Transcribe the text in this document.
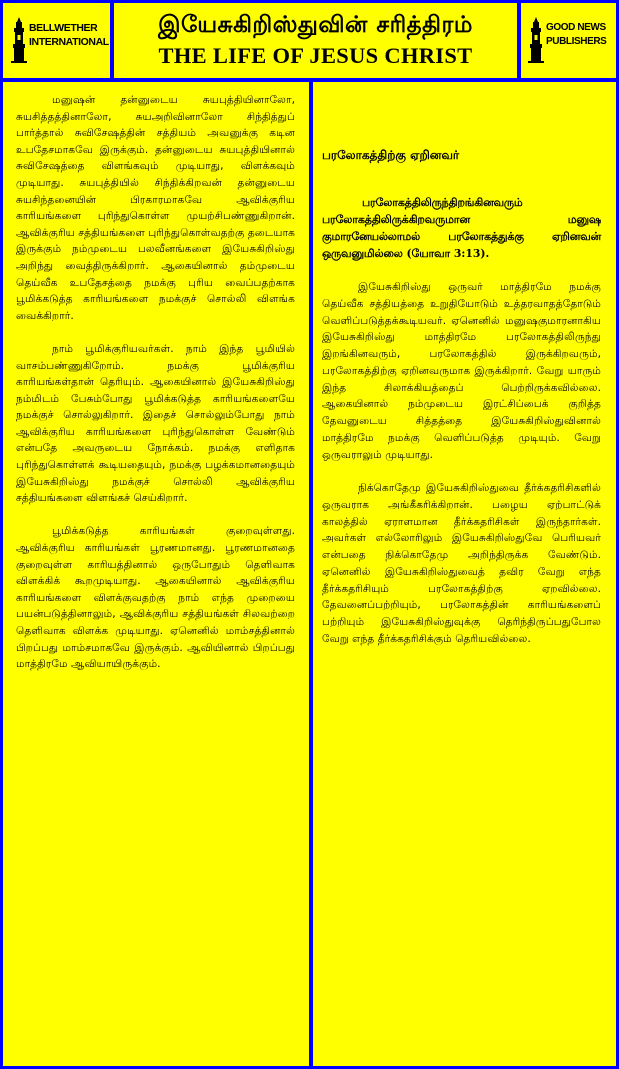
BELLWETHER
INTERNATIONAL
இயேசுகிறிஸ்துவின் சரித்திரம்
THE LIFE OF JESUS CHRIST
GOOD NEWS
PUBLISHERS

மனுஷன் தன்னுடைய சுயபுத்தியினாலோ, சுயசித்தத்தினாலோ, சுயஅறிவினாலோ சிந்தித்துப் பார்த்தால் சுவிசேஷத்தின் சத்தியம் அவனுக்கு கடின உபதேசமாகவே இருக்கும். தன்னுடைய சுயபுத்தியினால் சுவிசேஷத்தை விளங்கவும் முடியாது, விளக்கவும் முடியாது. சுயபுத்தியில் சிந்திக்கிறவன் தன்னுடைய சுயசிந்தனையின் பிரகாரமாகவே ஆவிக்குரிய காரியங்களை புரிந்துகொள்ள முயற்சிபண்ணுகிறான். ஆவிக்குரிய சத்தியங்களை புரிந்துகொள்வதற்கு தடையாக இருக்கும் நம்முடைய பலவீனங்களை இயேசுகிறிஸ்து அறிந்து வைத்திருக்கிறார். ஆகையினால் தம்முடைய தெய்வீக உபதேசத்தை நமக்கு புரிய வைப்பதற்காக பூமிக்கடுத்த காரியங்களை நமக்குச் சொல்லி விளங்க வைக்கிறார்.

நாம் பூமிக்குரியவர்கள். நாம் இந்த பூமியில் வாசம்பண்ணுகிறோம். நமக்கு பூமிக்குரிய காரியங்கள்தான் தெரியும். ஆகையினால் இயேசுகிறிஸ்து நம்மிடம் பேசும்போது பூமிக்கடுத்த காரியங்களையே நமக்குச் சொல்லுகிறார். இதைச் சொல்லும்போது நாம் ஆவிக்குரிய காரியங்களை புரிந்துகொள்ள வேண்டும் என்பதே அவருடைய நோக்கம். நமக்கு எளிதாக புரிந்துகொள்ளக் கூடியதையும், நமக்கு பழக்கமானதையும் இயேசுகிறிஸ்து நமக்குச் சொல்லி ஆவிக்குரிய சத்தியங்களை விளங்கச் செய்கிறார்.

பூமிக்கடுத்த காரியங்கள் குறைவுள்ளது. ஆவிக்குரிய காரியங்கள் பூரணமானது. பூரணமானதை குறைவுள்ள காரியத்தினால் ஒருபோதும் தெளிவாக விளக்கிக் கூறமுடியாது. ஆகையினால் ஆவிக்குரிய காரியங்களை விளக்குவதற்கு நாம் எந்த முறையை பயன்படுத்தினாலும், ஆவிக்குரிய சத்தியங்கள் சிலவற்றை தெளிவாக விளக்க முடியாது. ஏனெனில் மாம்சத்தினால் பிறப்பது மாம்சமாகவே இருக்கும். ஆவியினால் பிறப்பது மாத்திரமே ஆவியாயிருக்கும்.

பரலோகத்திற்கு ஏறினவர்

பரலோகத்திலிருந்திறங்கினவரும் பரலோகத்திலிருக்கிறவருமான மனுஷ குமாரனேயல்லாமல் பரலோகத்துக்கு ஏறினவன் ஒருவனுமில்லை (யோவா 3:13).

இயேசுகிறிஸ்து ஒருவர் மாத்திரமே நமக்கு தெய்வீக சத்தியத்தை உறுதியோடும் உத்தரவாதத்தோடும் வெளிப்படுத்தக்கூடியவர். ஏனெனில் மனுஷகுமாரனாகிய இயேசுகிறிஸ்து மாத்திரமே பரலோகத்திலிருந்து இறங்கினவரும், பரலோகத்தில் இருக்கிறவரும், பரலோகத்திற்கு ஏறினவருமாக இருக்கிறார். வேறு யாரும் இந்த சிலாக்கியத்தைப் பெற்றிருக்கவில்லை. ஆகையினால் நம்முடைய இரட்சிப்பைக் குறித்த தேவனுடைய சித்தத்தை இயேசுகிறிஸ்துவினால் மாத்திரமே நமக்கு வெளிப்படுத்த முடியும். வேறு ஒருவராலும் முடியாது.

நிக்கொதேமு இயேசுகிறிஸ்துவை தீர்க்கதரிசிகளில் ஒருவராக அங்கீகரிக்கிறான். பழைய ஏற்பாட்டுக் காலத்தில் ஏராளமான தீர்க்கதரிசிகள் இருந்தார்கள். அவர்கள் எல்லோரிலும் இயேசுகிறிஸ்துவே பெரியவர் என்பதை நிக்கொதேமு அறிந்திருக்க வேண்டும். ஏனெனில் இயேசுகிறிஸ்துவைத் தவிர வேறு எந்த தீர்க்கதரிசியும் பரலோகத்திற்கு ஏறவில்லை. தேவனைப்பற்றியும், பரலோகத்தின் காரியங்களைப் பற்றியும் இயேசுகிறிஸ்துவுக்கு தெரிந்திருப்பதுபோல வேறு எந்த தீர்க்கதரிசிக்கும் தெரியவில்லை.
